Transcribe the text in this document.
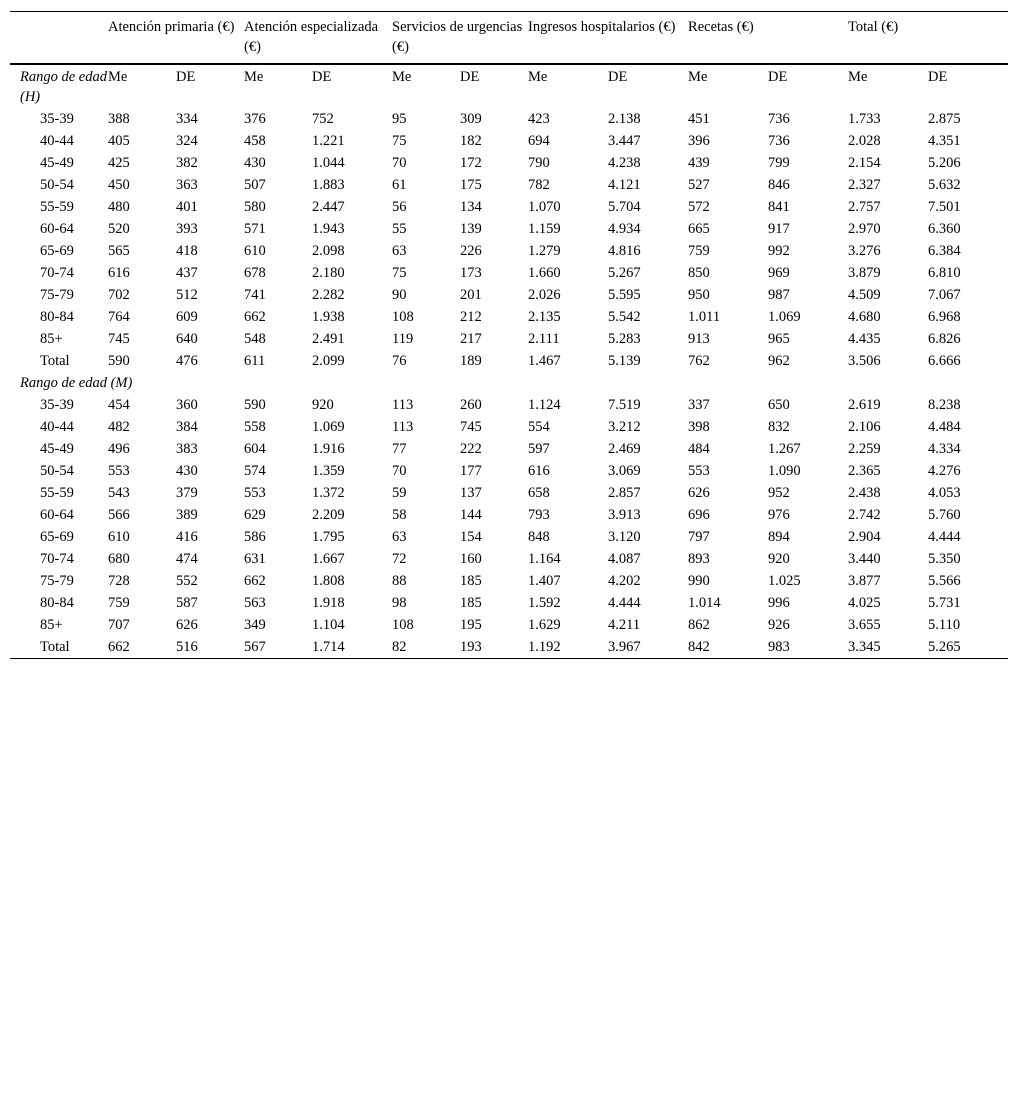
	Atención primaria (€)		Atención especializada (€)		Servicios de urgencias (€)		Ingresos hospitalarios (€)		Recetas (€)		Total (€)	
Rango de edad (H)	Me	DE	Me	DE	Me	DE	Me	DE	Me	DE	Me	DE

35-39	388	334	376	752	95	309	423	2.138	451	736	1.733	2.875

40-44	405	324	458	1.221	75	182	694	3.447	396	736	2.028	4.351

45-49	425	382	430	1.044	70	172	790	4.238	439	799	2.154	5.206

50-54	450	363	507	1.883	61	175	782	4.121	527	846	2.327	5.632

55-59	480	401	580	2.447	56	134	1.070	5.704	572	841	2.757	7.501

60-64	520	393	571	1.943	55	139	1.159	4.934	665	917	2.970	6.360

65-69	565	418	610	2.098	63	226	1.279	4.816	759	992	3.276	6.384

70-74	616	437	678	2.180	75	173	1.660	5.267	850	969	3.879	6.810

75-79	702	512	741	2.282	90	201	2.026	5.595	950	987	4.509	7.067

80-84	764	609	662	1.938	108	212	2.135	5.542	1.011	1.069	4.680	6.968

85+	745	640	548	2.491	119	217	2.111	5.283	913	965	4.435	6.826

Total	590	476	611	2.099	76	189	1.467	5.139	762	962	3.506	6.666
Rango de edad (M)												

35-39	454	360	590	920	113	260	1.124	7.519	337	650	2.619	8.238

40-44	482	384	558	1.069	113	745	554	3.212	398	832	2.106	4.484

45-49	496	383	604	1.916	77	222	597	2.469	484	1.267	2.259	4.334

50-54	553	430	574	1.359	70	177	616	3.069	553	1.090	2.365	4.276

55-59	543	379	553	1.372	59	137	658	2.857	626	952	2.438	4.053

60-64	566	389	629	2.209	58	144	793	3.913	696	976	2.742	5.760

65-69	610	416	586	1.795	63	154	848	3.120	797	894	2.904	4.444

70-74	680	474	631	1.667	72	160	1.164	4.087	893	920	3.440	5.350

75-79	728	552	662	1.808	88	185	1.407	4.202	990	1.025	3.877	5.566

80-84	759	587	563	1.918	98	185	1.592	4.444	1.014	996	4.025	5.731

85+	707	626	349	1.104	108	195	1.629	4.211	862	926	3.655	5.110

Total	662	516	567	1.714	82	193	1.192	3.967	842	983	3.345	5.265
